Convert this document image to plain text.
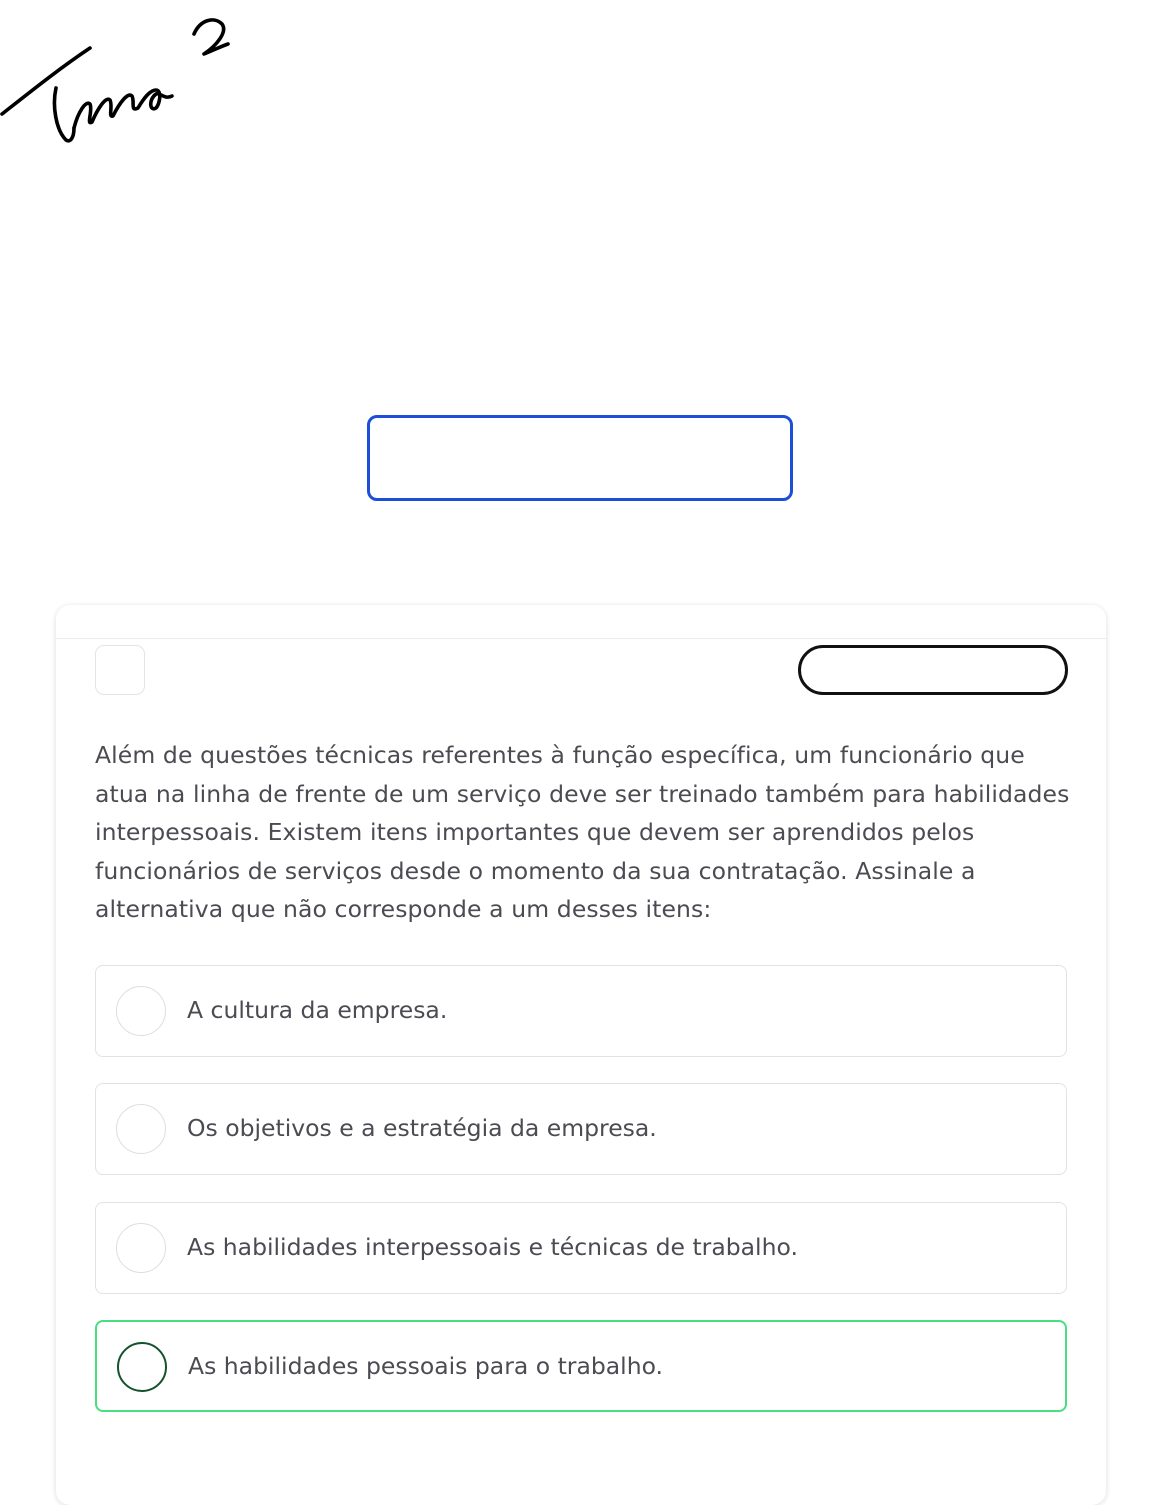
Além de questões técnicas referentes à função específica, um funcionário que atua na linha de frente de um serviço deve ser treinado também para habilidades interpessoais. Existem itens importantes que devem ser aprendidos pelos funcionários de serviços desde o momento da sua contratação. Assinale a alternativa que não corresponde a um desses itens:
A cultura da empresa.
Os objetivos e a estratégia da empresa.
As habilidades interpessoais e técnicas de trabalho.
As habilidades pessoais para o trabalho.
